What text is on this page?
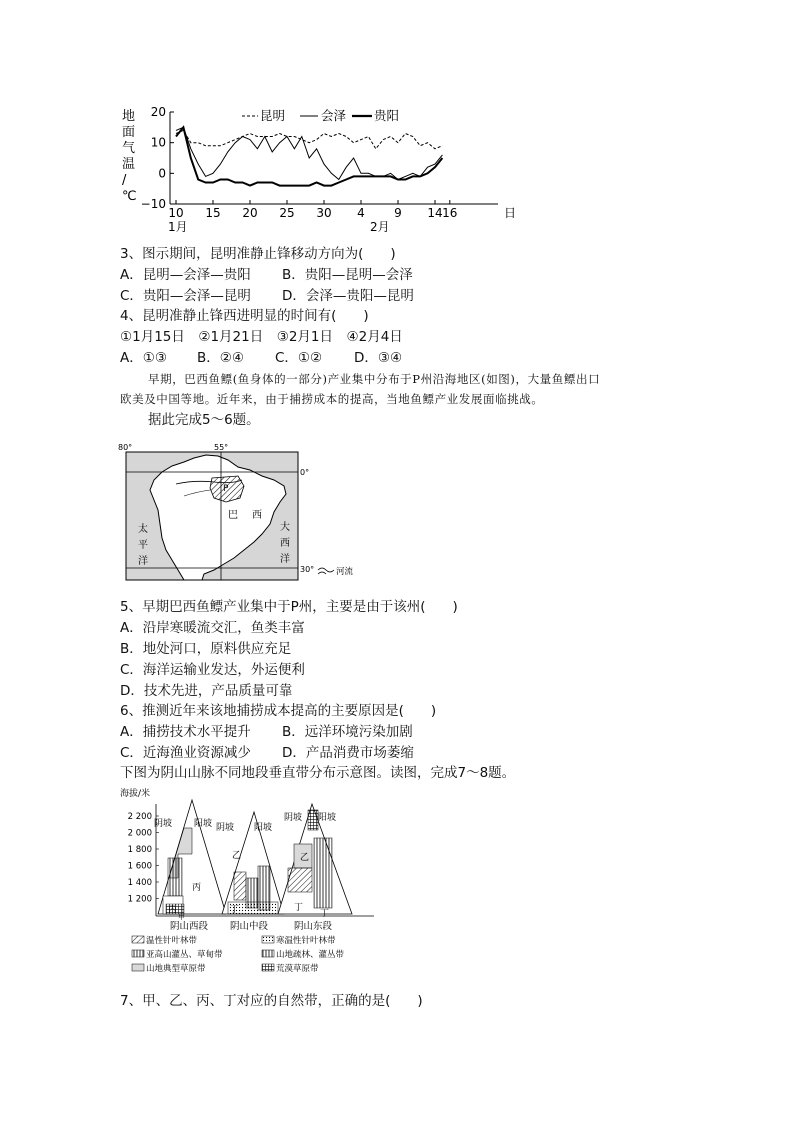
地
面
气
温
/
℃
20
10
0
−10
10 15 20 25 30 4 9 14 16	日
1月	2月
昆明	会泽 贵阳
3、图示期间，昆明准静止锋移动方向为(　　)
A．昆明—会泽—贵阳 B．贵阳—昆明—会泽
C．贵阳—会泽—昆明 D．会泽—贵阳—昆明
4、昆明准静止锋西进明显的时间有(　　)
①1月15日　②1月21日　③2月1日　④2月4日
A．①③ B．②④ C．①② D．③④
早期，巴西鱼鳔(鱼身体的一部分)产业集中分布于P州沿海地区(如图)，大量鱼鳔出口
欧美及中国等地。近年来，由于捕捞成本的提高，当地鱼鳔产业发展面临挑战。
据此完成5～6题。
80°	55°
0°
30°
P
巴 西
太
平
洋
大
西
洋
河流
5、早期巴西鱼鳔产业集中于P州，主要是由于该州(　　)
A．沿岸寒暖流交汇，鱼类丰富
B．地处河口，原料供应充足
C．海洋运输业发达，外运便利
D．技术先进，产品质量可靠
6、推测近年来该地捕捞成本提高的主要原因是(　　)
A．捕捞技术水平提升 B．远洋环境污染加剧
C．近海渔业资源减少 D．产品消费市场萎缩
下图为阴山山脉不同地段垂直带分布示意图。读图，完成7～8题。
海拔/米
2 200
2 000
1 800
1 600
1 400
1 200
阴坡 阳坡
丙
丙
甲
阴坡 阳坡
乙
丁
阴坡 阳坡
乙
丁
丁
阴山西段 阴山中段	阴山东段
温性针叶林带	寒温性针叶林带
亚高山灌丛、草甸带	山地疏林、灌丛带
山地典型草原带	荒漠草原带
7、甲、乙、丙、丁对应的自然带，正确的是(　　)
